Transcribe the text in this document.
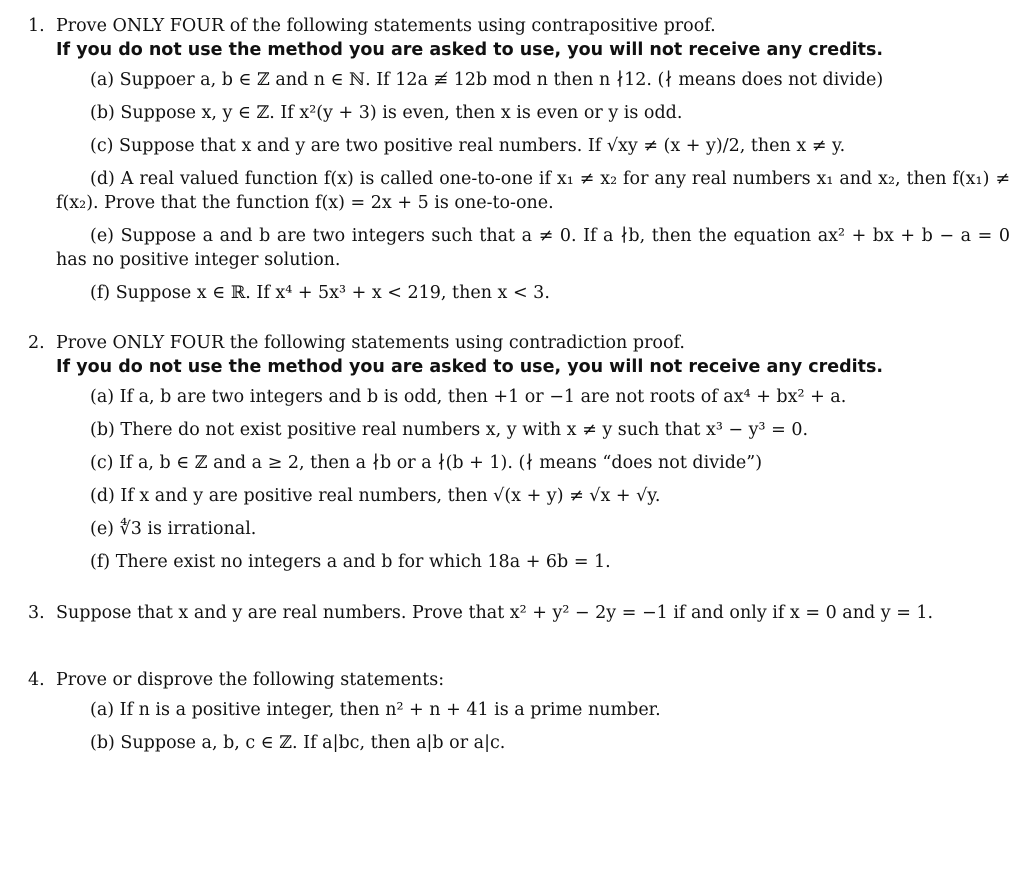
1. Prove ONLY FOUR of the following statements using contrapositive proof.
If you do not use the method you are asked to use, you will not receive any credits.
(a) Suppoer a, b ∈ ℤ and n ∈ ℕ. If 12a ≢ 12b mod n then n ∤12. (∤ means does not divide)
(b) Suppose x, y ∈ ℤ. If x²(y + 3) is even, then x is even or y is odd.
(c) Suppose that x and y are two positive real numbers. If √xy ≠ (x + y)/2, then x ≠ y.
(d) A real valued function f(x) is called one-to-one if x₁ ≠ x₂ for any real numbers x₁ and x₂, then f(x₁) ≠ f(x₂). Prove that the function f(x) = 2x + 5 is one-to-one.
(e) Suppose a and b are two integers such that a ≠ 0. If a ∤b, then the equation ax² + bx + b − a = 0 has no positive integer solution.
(f) Suppose x ∈ ℝ. If x⁴ + 5x³ + x < 219, then x < 3.
2. Prove ONLY FOUR the following statements using contradiction proof.
If you do not use the method you are asked to use, you will not receive any credits.
(a) If a, b are two integers and b is odd, then +1 or −1 are not roots of ax⁴ + bx² + a.
(b) There do not exist positive real numbers x, y with x ≠ y such that x³ − y³ = 0.
(c) If a, b ∈ ℤ and a ≥ 2, then a ∤b or a ∤(b + 1). (∤ means “does not divide”)
(d) If x and y are positive real numbers, then √(x + y) ≠ √x + √y.
(e) ∜3 is irrational.
(f) There exist no integers a and b for which 18a + 6b = 1.
3. Suppose that x and y are real numbers. Prove that x² + y² − 2y = −1 if and only if x = 0 and y = 1.
4. Prove or disprove the following statements:
(a) If n is a positive integer, then n² + n + 41 is a prime number.
(b) Suppose a, b, c ∈ ℤ. If a|bc, then a|b or a|c.
